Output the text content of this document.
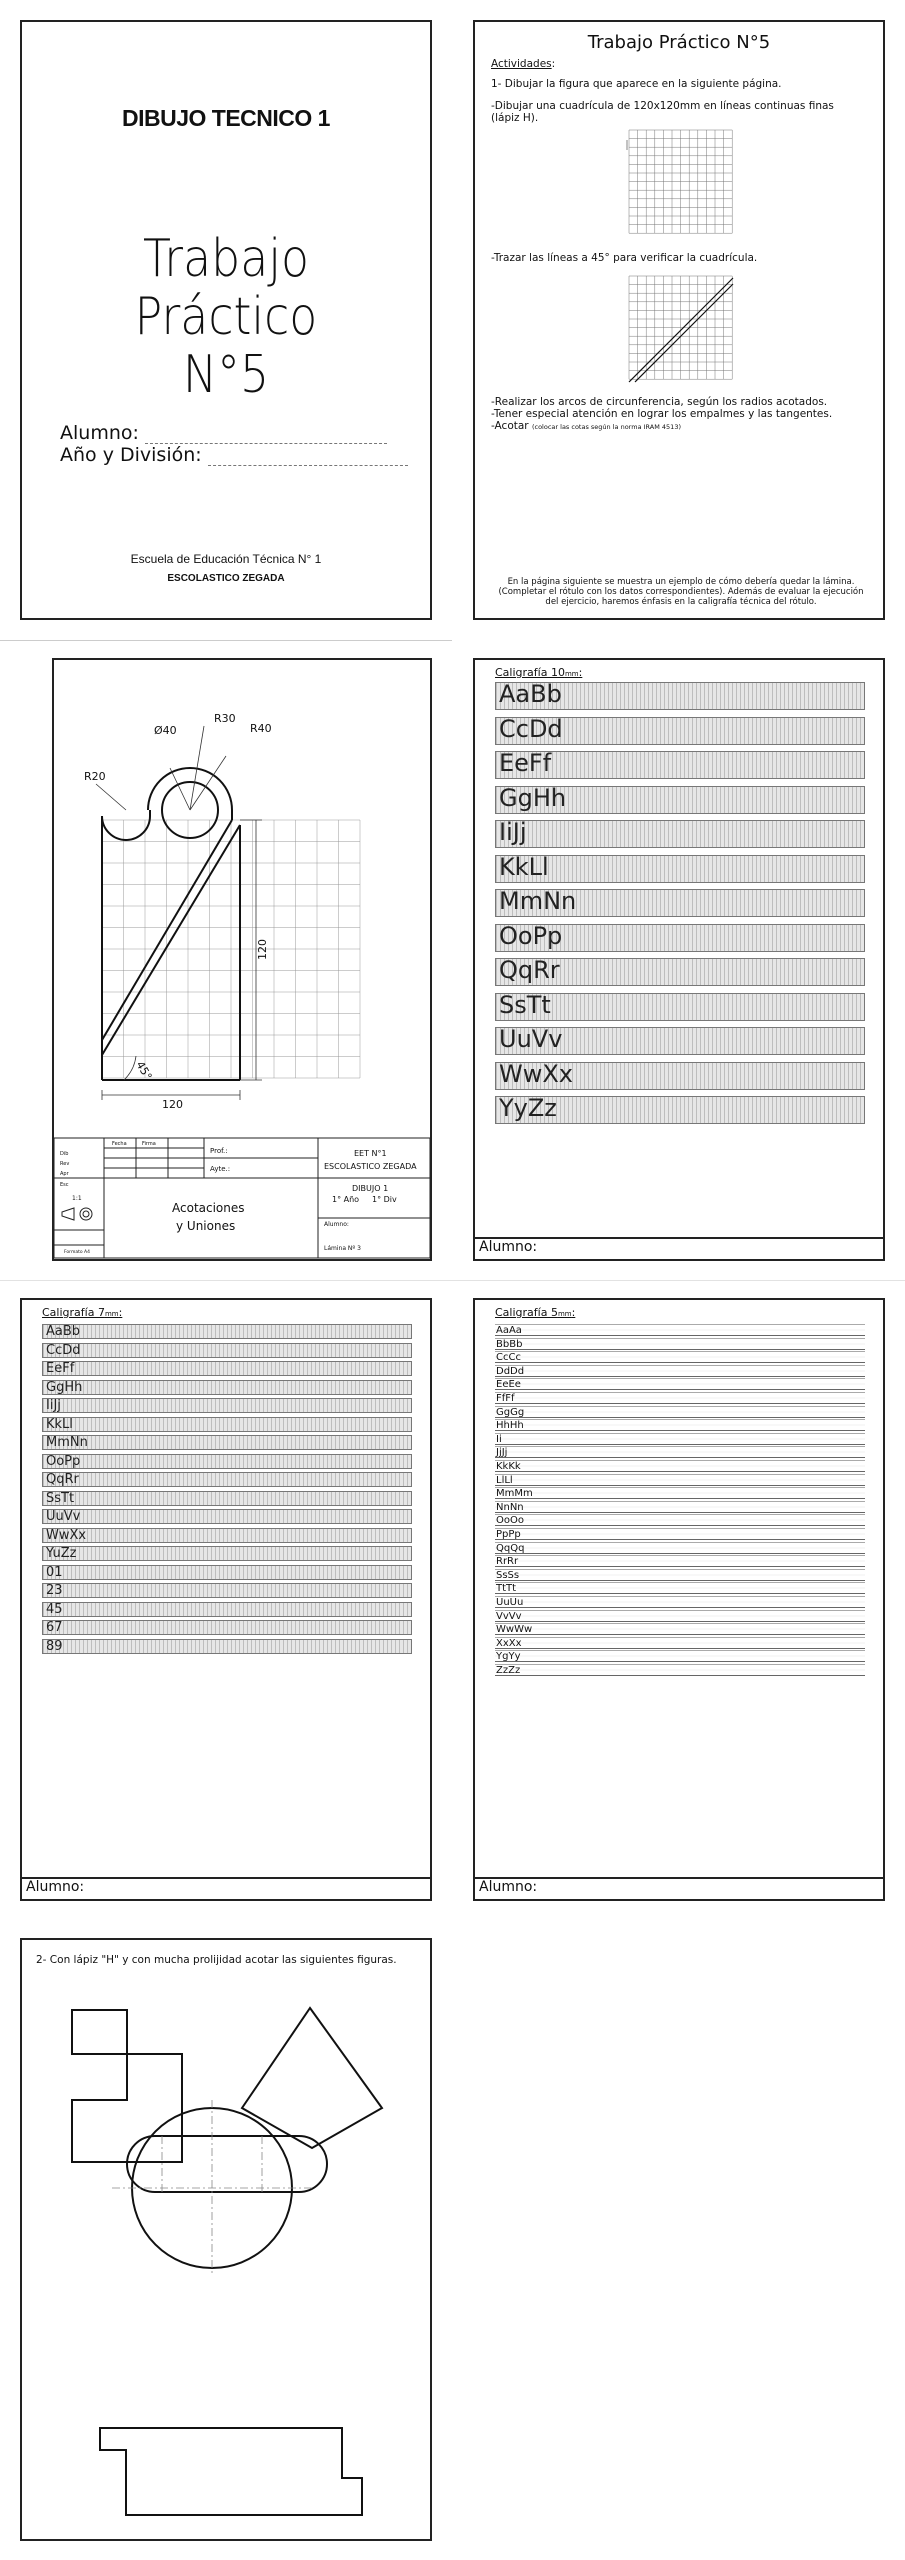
DIBUJO TECNICO 1
Trabajo
Práctico
N°5
Alumno:
Año y División:
Escuela de Educación Técnica N° 1
ESCOLASTICO ZEGADA
Trabajo Práctico N°5
Actividades:
1- Dibujar la figura que aparece en la siguiente página.
-Dibujar una cuadrícula de 120x120mm en líneas continuas finas
(lápiz H).
-Trazar las líneas a 45° para verificar la cuadrícula.
-Realizar los arcos de circunferencia, según los radios acotados.
-Tener especial atención en lograr los empalmes y las tangentes.
-Acotar (colocar las cotas según la norma IRAM 4513)
En la página siguiente se muestra un ejemplo de cómo debería quedar la lámina. (Completar el rótulo con los datos correspondientes). Además de evaluar la ejecución del ejercicio, haremos énfasis en la caligrafía técnica del rótulo.
Ø40
R30
R40
R20
120
120
45°
Fecha	Firma
Dib
Rev
Apr
Esc
1:1
Formato A4
Prof.:
Ayte.:
EET N°1
ESCOLASTICO ZEGADA
Acotaciones
y Uniones
DIBUJO 1
1° Año 1° Div
Alumno:
Lámina Nº 3
Caligrafía 10mm:
Alumno:
AaBb
CcDd
EeFf
GgHh
IiJj
KkLl
MmNn
OoPp
QqRr
SsTt
UuVv
WwXx
YyZz
Caligrafía 7mm:
Alumno:
AaBb
CcDd
EeFf
GgHh
IiJj
KkLl
MmNn
OoPp
QqRr
SsTt
UuVv
WwXx
YuZz
01
23
45
67
89
Caligrafía 5mm:
Alumno:
AaAa
BbBb
CcCc
DdDd
EeEe
FfFf
GgGg
HhHh
Ii
JjJj
KkKk
LlLl
MmMm
NnNn
OoOo
PpPp
QqQq
RrRr
SsSs
TtTt
UuUu
VvVv
WwWw
XxXx
YgYy
ZzZz
2- Con lápiz "H" y con mucha prolijidad acotar las siguientes figuras.
